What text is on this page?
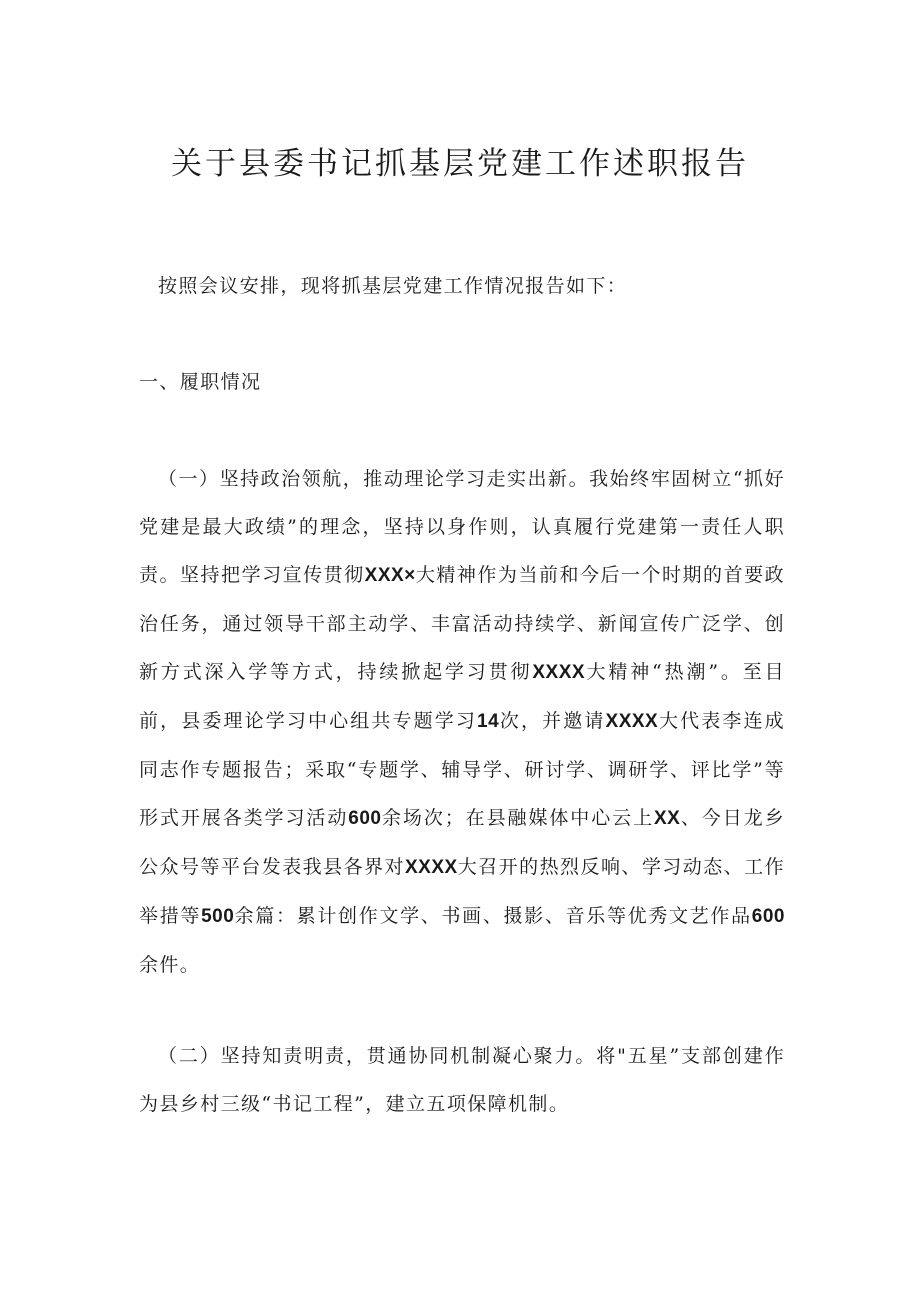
关于县委书记抓基层党建工作述职报告

按照会议安排，现将抓基层党建工作情况报告如下：

一、履职情况

（一）坚持政治领航，推动理论学习走实出新。我始终牢固树立“抓好党建是最大政绩”的理念，坚持以身作则，认真履行党建第一责任人职责。坚持把学习宣传贯彻XXX×大精神作为当前和今后一个时期的首要政治任务，通过领导干部主动学、丰富活动持续学、新闻宣传广泛学、创新方式深入学等方式，持续掀起学习贯彻XXXX大精神“热潮”。至目前，县委理论学习中心组共专题学习14次，并邀请XXXX大代表李连成同志作专题报告；采取“专题学、辅导学、研讨学、调研学、评比学”等形式开展各类学习活动600余场次；在县融媒体中心云上XX、今日龙乡公众号等平台发表我县各界对XXXX大召开的热烈反响、学习动态、工作举措等500余篇：累计创作文学、书画、摄影、音乐等优秀文艺作品600余件。

（二）坚持知责明责，贯通协同机制凝心聚力。将"五星”支部创建作为县乡村三级“书记工程”，建立五项保障机制。
